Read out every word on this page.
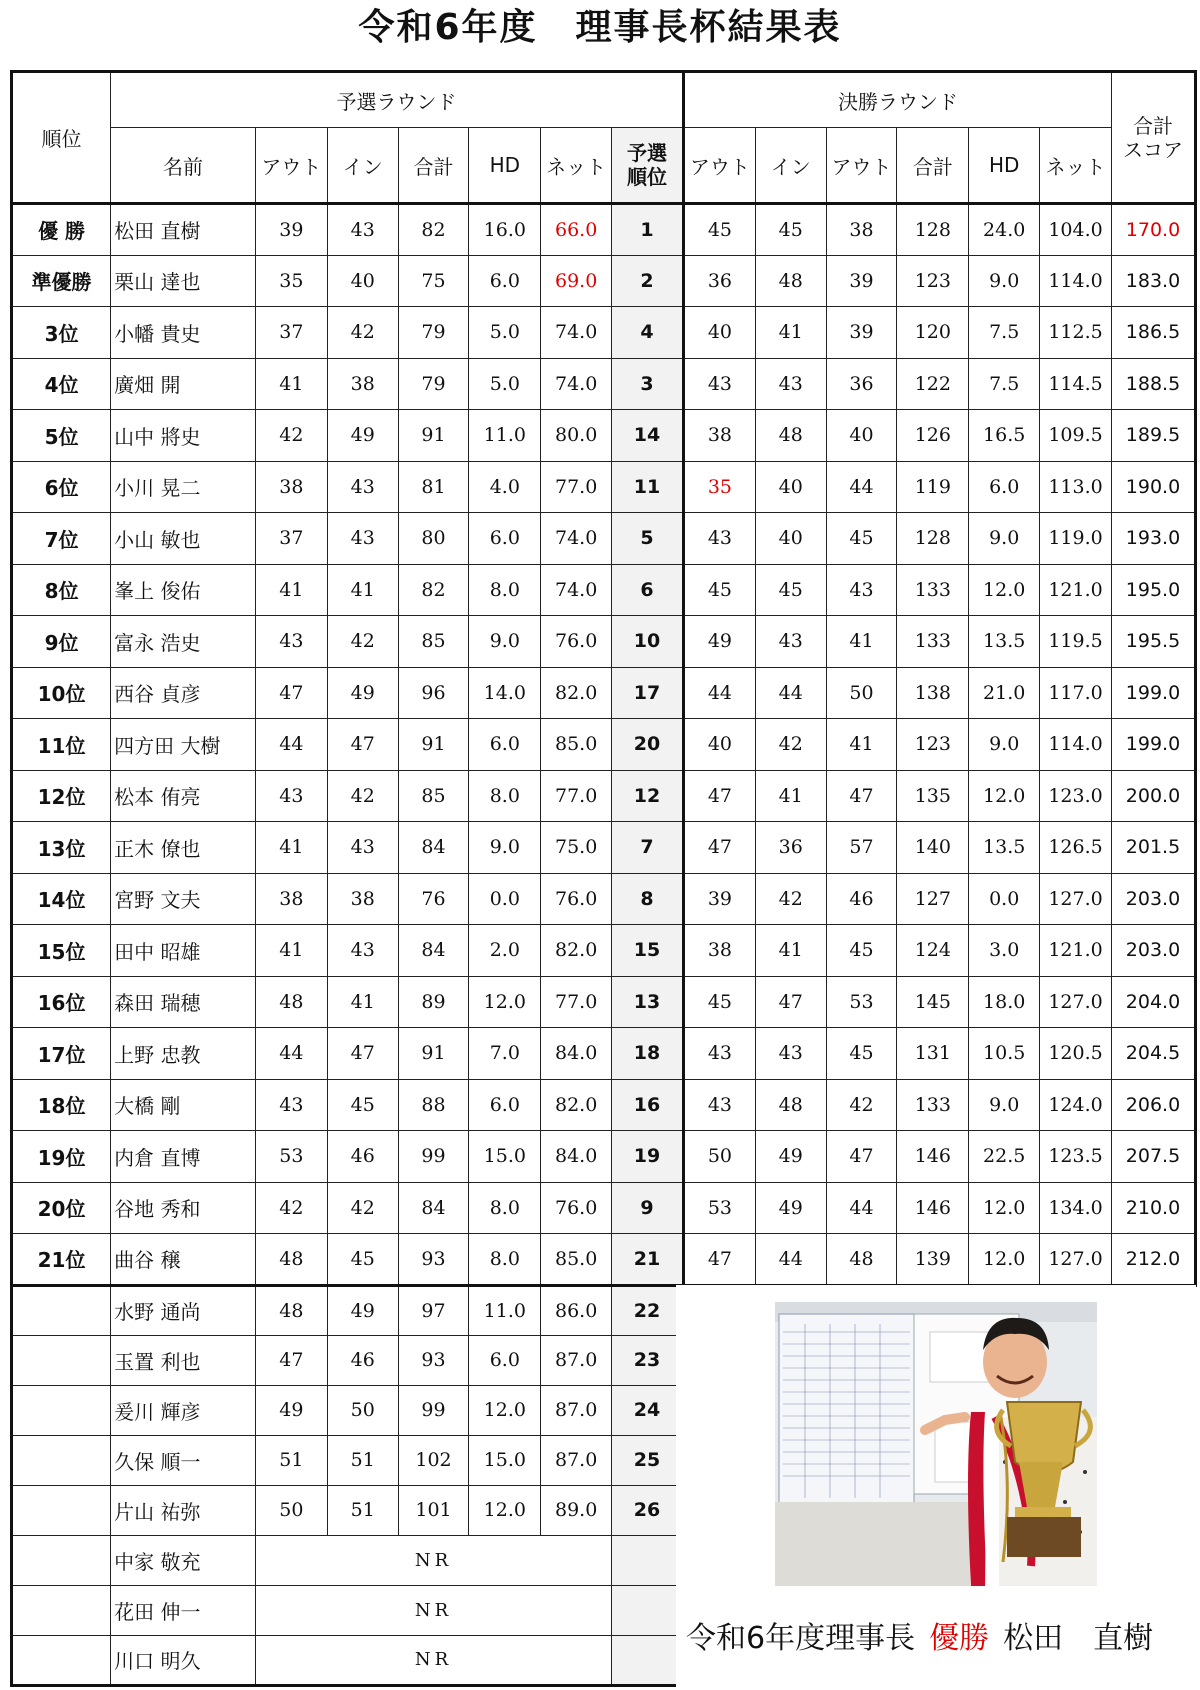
令和6年度　理事長杯結果表
順位	予選ラウンド							決勝ラウンド						合計
スコア
	名前	アウト	イン	合計	HD	ネット	予選
順位	アウト	イン	アウト	合計	HD	ネット	
優 勝	松田 直樹	39	43	82	16.0	66.0	1	45	45	38	128	24.0	104.0	170.0
準優勝	栗山 達也	35	40	75	6.0	69.0	2	36	48	39	123	9.0	114.0	183.0
3位	小幡 貴史	37	42	79	5.0	74.0	4	40	41	39	120	7.5	112.5	186.5
4位	廣畑 開	41	38	79	5.0	74.0	3	43	43	36	122	7.5	114.5	188.5
5位	山中 將史	42	49	91	11.0	80.0	14	38	48	40	126	16.5	109.5	189.5
6位	小川 晃二	38	43	81	4.0	77.0	11	35	40	44	119	6.0	113.0	190.0
7位	小山 敏也	37	43	80	6.0	74.0	5	43	40	45	128	9.0	119.0	193.0
8位	峯上 俊佑	41	41	82	8.0	74.0	6	45	45	43	133	12.0	121.0	195.0
9位	富永 浩史	43	42	85	9.0	76.0	10	49	43	41	133	13.5	119.5	195.5
10位	西谷 貞彦	47	49	96	14.0	82.0	17	44	44	50	138	21.0	117.0	199.0
11位	四方田 大樹	44	47	91	6.0	85.0	20	40	42	41	123	9.0	114.0	199.0
12位	松本 侑亮	43	42	85	8.0	77.0	12	47	41	47	135	12.0	123.0	200.0
13位	正木 僚也	41	43	84	9.0	75.0	7	47	36	57	140	13.5	126.5	201.5
14位	宮野 文夫	38	38	76	0.0	76.0	8	39	42	46	127	0.0	127.0	203.0
15位	田中 昭雄	41	43	84	2.0	82.0	15	38	41	45	124	3.0	121.0	203.0
16位	森田 瑞穂	48	41	89	12.0	77.0	13	45	47	53	145	18.0	127.0	204.0
17位	上野 忠教	44	47	91	7.0	84.0	18	43	43	45	131	10.5	120.5	204.5
18位	大橋 剛	43	45	88	6.0	82.0	16	43	48	42	133	9.0	124.0	206.0
19位	内倉 直博	53	46	99	15.0	84.0	19	50	49	47	146	22.5	123.5	207.5
20位	谷地 秀和	42	42	84	8.0	76.0	9	53	49	44	146	12.0	134.0	210.0
21位	曲谷 穣	48	45	93	8.0	85.0	21	47	44	48	139	12.0	127.0	212.0
	水野 通尚	48	49	97	11.0	86.0	22							
	玉置 利也	47	46	93	6.0	87.0	23							
	爰川 輝彦	49	50	99	12.0	87.0	24							
	久保 順一	51	51	102	15.0	87.0	25							
	片山 祐弥	50	51	101	12.0	89.0	26							
	中家 敬充	NR												
	花田 伸一	NR												
	川口 明久	NR												
令和6年度理事長 優勝 松田　直樹
